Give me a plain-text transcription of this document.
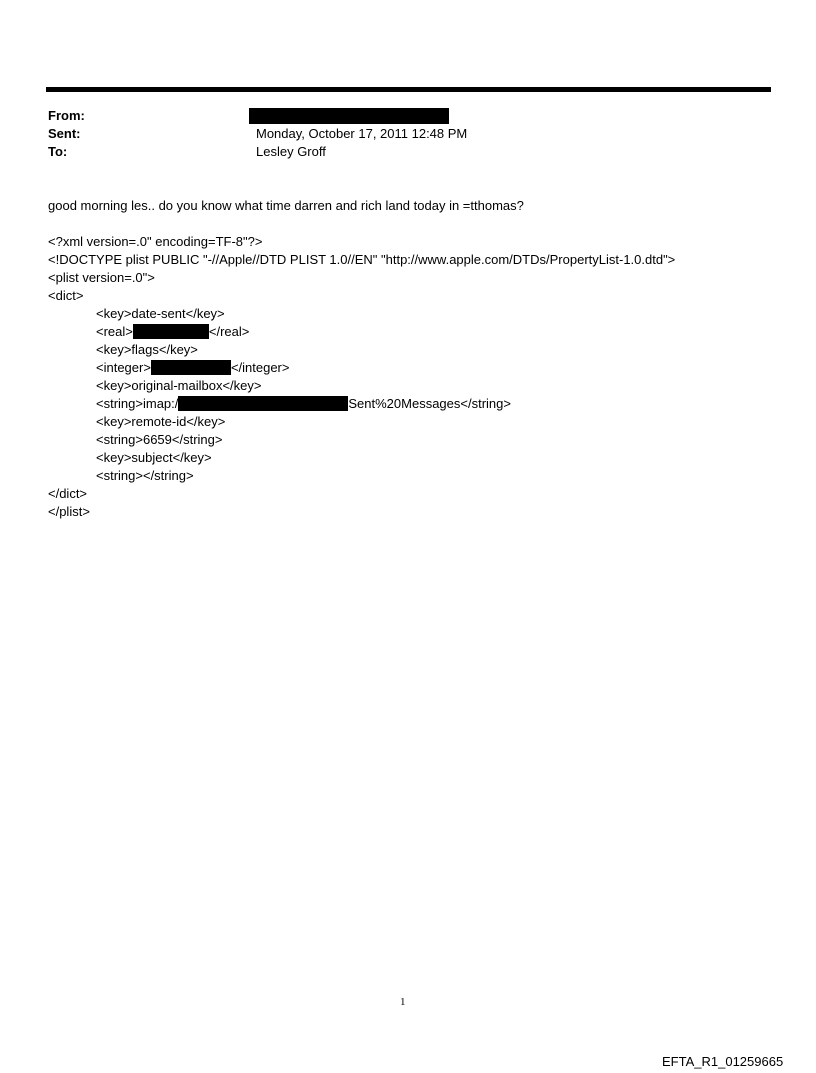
From:
Sent:	Monday, October 17, 2011 12:48 PM
To:	Lesley Groff
good morning les.. do you know what time darren and rich land today in =tthomas?
<?xml version=.0" encoding=TF-8"?>
<!DOCTYPE plist PUBLIC "-//Apple//DTD PLIST 1.0//EN" "http://www.apple.com/DTDs/PropertyList-1.0.dtd">
<plist version=.0">
<dict>
<key>date-sent</key>
<real>	</real>
<key>flags</key>
<integer>	</integer>
<key>original-mailbox</key>
<string>imap:/	Sent%20Messages</string>
<key>remote-id</key>
<string>6659</string>
<key>subject</key>
<string></string>
</dict>
</plist>
1
EFTA_R1_01259665
